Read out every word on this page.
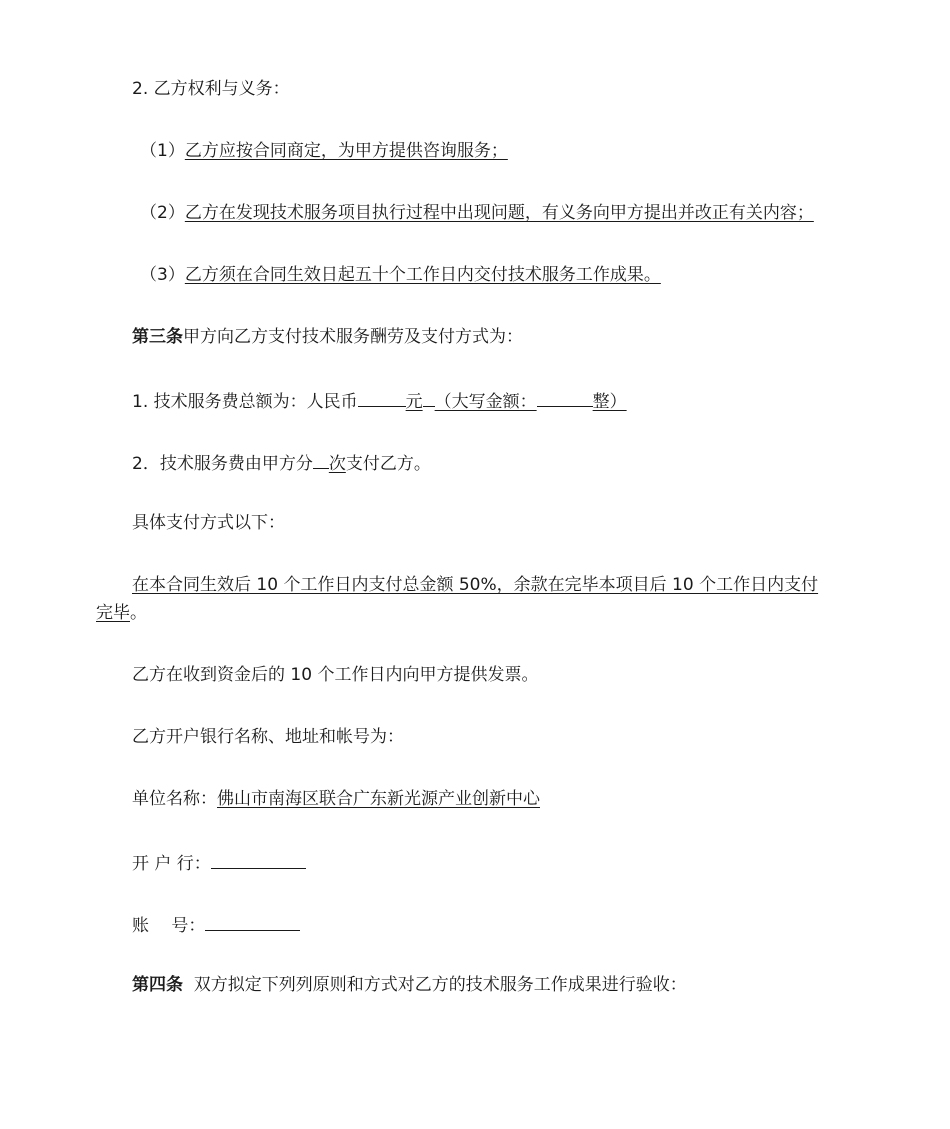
2. 乙方权利与义务：
（1）乙方应按合同商定，为甲方提供咨询服务；
（2）乙方在发现技术服务项目执行过程中出现问题，有义务向甲方提出并改正有关内容；
（3）乙方须在合同生效日起五十个工作日内交付技术服务工作成果。
第三条甲方向乙方支付技术服务酬劳及支付方式为：
1. 技术服务费总额为：人民币	元 （大写金额：	整）
2．技术服务费由甲方分 次支付乙方。
具体支付方式以下：
在本合同生效后 10 个工作日内支付总金额 50%，余款在完毕本项目后 10 个工作日内支付
完毕。
乙方在收到资金后的 10 个工作日内向甲方提供发票。
乙方开户银行名称、地址和帐号为：
单位名称：佛山市南海区联合广东新光源产业创新中心
开 户 行：
账　 号：
第四条  双方拟定下列列原则和方式对乙方的技术服务工作成果进行验收：
